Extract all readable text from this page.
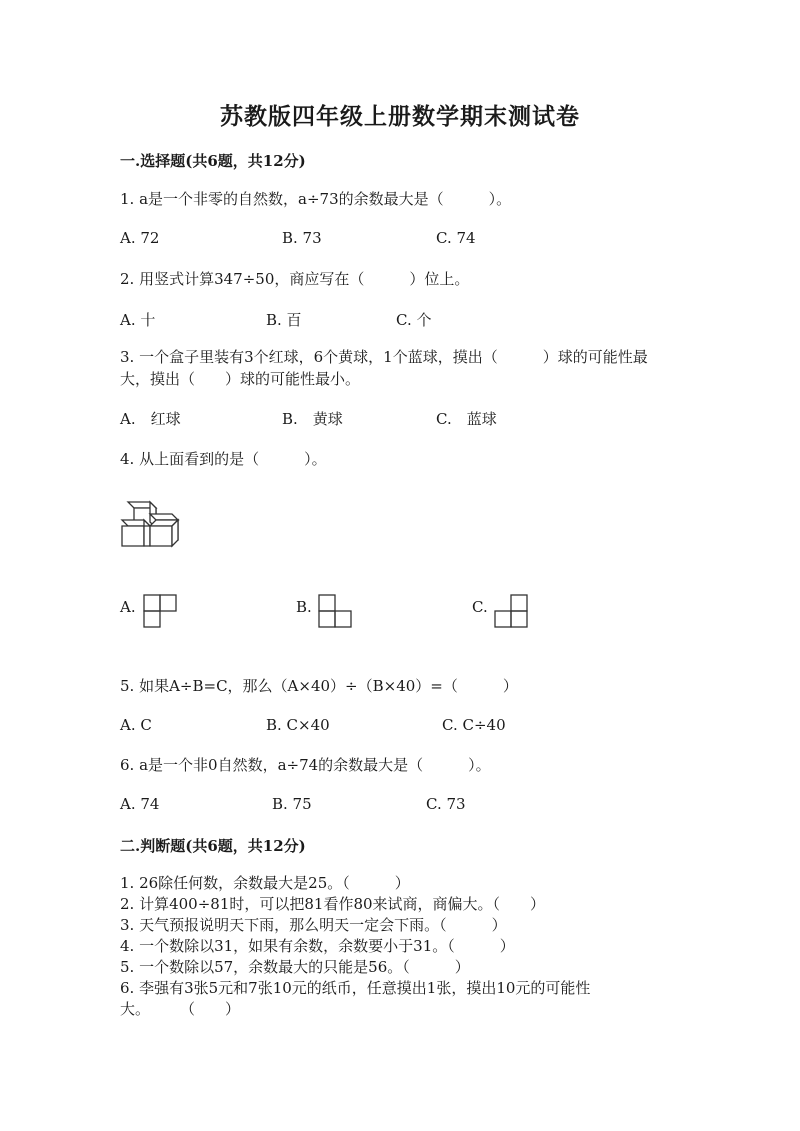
苏教版四年级上册数学期末测试卷
一.选择题(共6题，共12分)
1. a是一个非零的自然数，a÷73的余数最大是（　　　）。
A. 72	B. 73	C. 74
2. 用竖式计算347÷50，商应写在（　　　）位上。
A. 十	B. 百	C. 个
3. 一个盒子里装有3个红球，6个黄球，1个蓝球，摸出（　　　）球的可能性最
大，摸出（　　）球的可能性最小。
A.　红球	B.　黄球	C.　蓝球
4. 从上面看到的是（　　　）。
A.	B.	C.
5. 如果A÷B=C，那么（A×40）÷（B×40）=（　　　）
A. C	B. C×40	C. C÷40
6. a是一个非0自然数，a÷74的余数最大是（　　　）。
A. 74	B. 75	C. 73
二.判断题(共6题，共12分)
1. 26除任何数，余数最大是25。（　　　）
2. 计算400÷81时，可以把81看作80来试商，商偏大。（　　）
3. 天气预报说明天下雨，那么明天一定会下雨。（　　　）
4. 一个数除以31，如果有余数，余数要小于31。（　　　）
5. 一个数除以57，余数最大的只能是56。（　　　）
6. 李强有3张5元和7张10元的纸币，任意摸出1张，摸出10元的可能性
大。　　　（　　）
